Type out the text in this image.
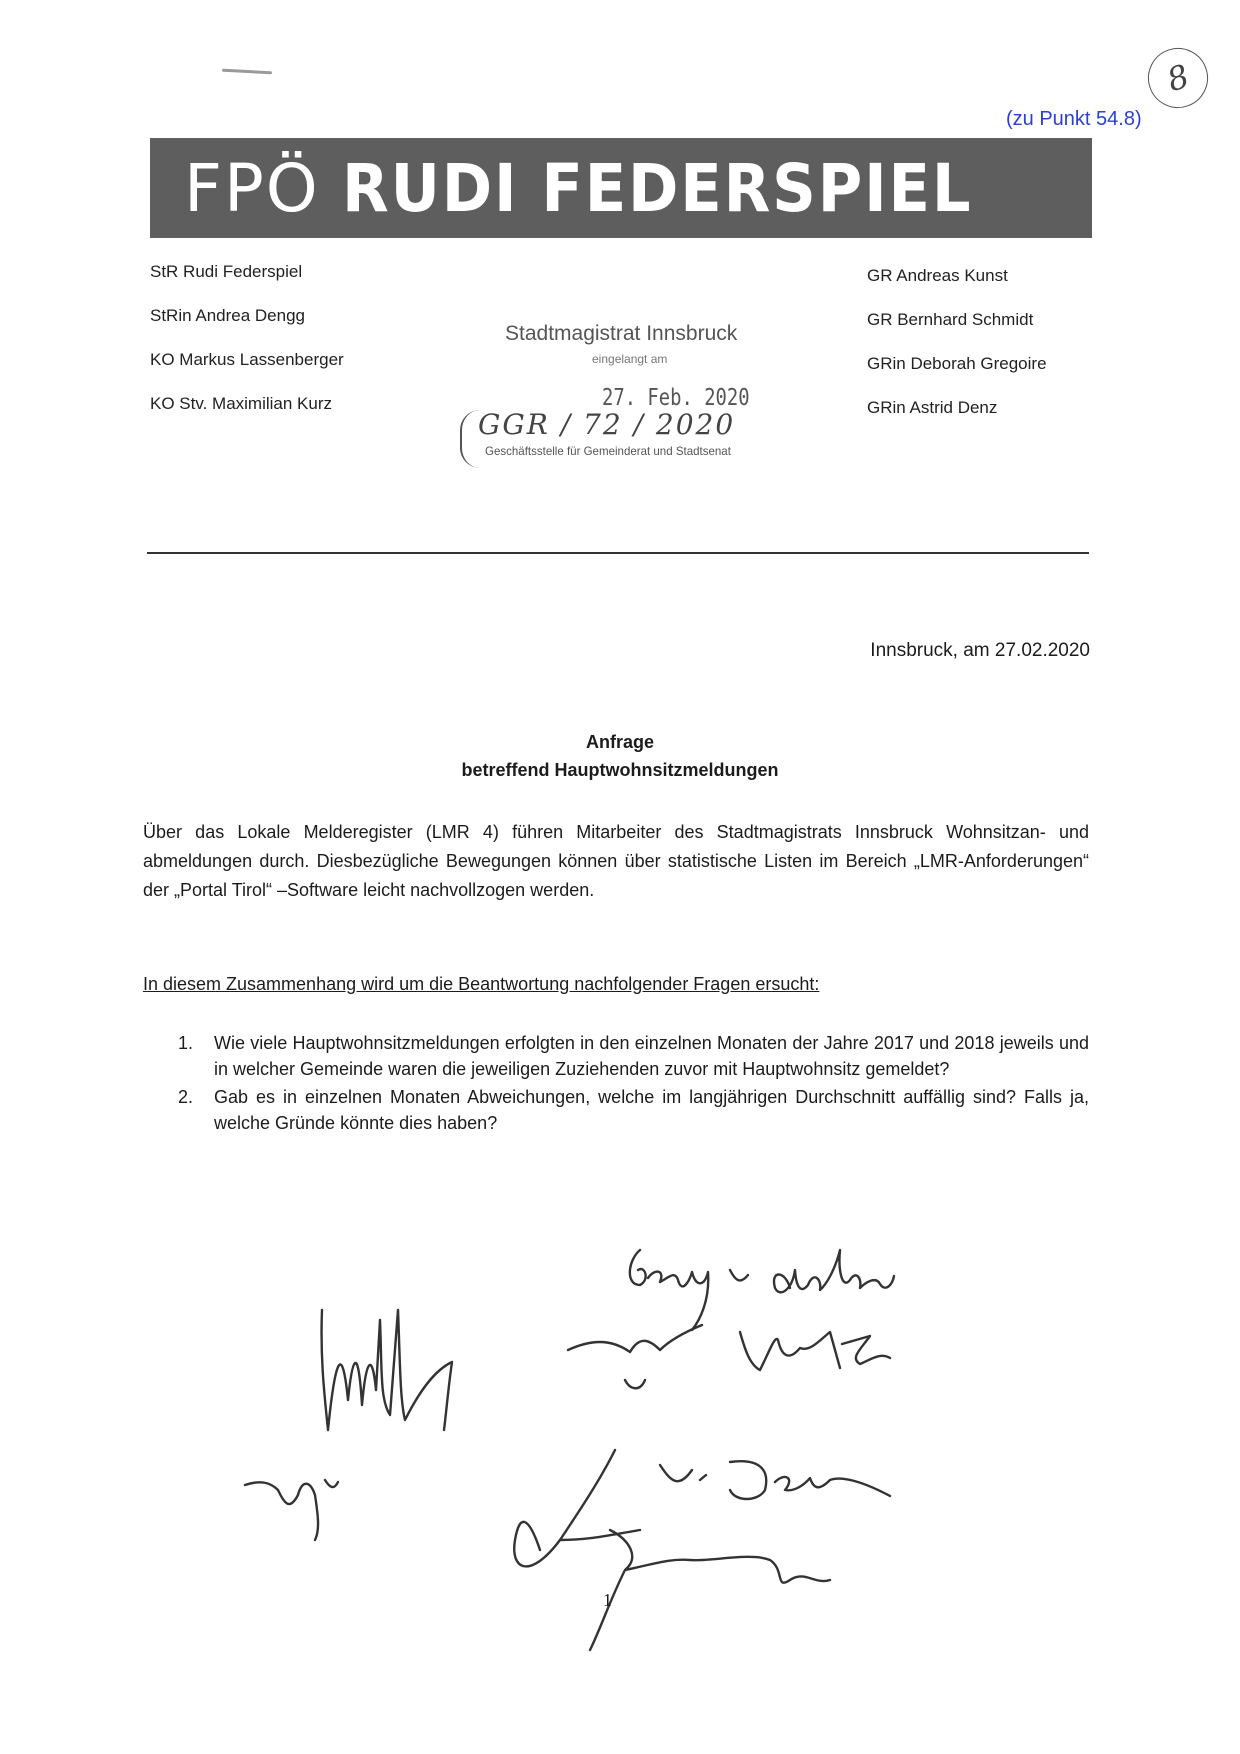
8
(zu Punkt 54.8)
FPÖ RUDI FEDERSPIEL
StR Rudi Federspiel
StRin Andrea Dengg
KO Markus Lassenberger
KO Stv. Maximilian Kurz
GR Andreas Kunst
GR Bernhard Schmidt
GRin Deborah Gregoire
GRin Astrid Denz
Stadtmagistrat Innsbruck
eingelangt am
27. Feb. 2020
GGR / 72 / 2020
Geschäftsstelle für Gemeinderat und Stadtsenat
Innsbruck, am 27.02.2020
Anfrage
betreffend Hauptwohnsitzmeldungen

Über das Lokale Melderegister (LMR 4) führen Mitarbeiter des Stadtmagistrats Innsbruck Wohnsitzan- und abmeldungen durch. Diesbezügliche Bewegungen können über statistische Listen im Bereich „LMR-Anforderungen“ der „Portal Tirol“ –Software leicht nachvollzogen werden.

In diesem Zusammenhang wird um die Beantwortung nachfolgender Fragen ersucht:
1.	Wie viele Hauptwohnsitzmeldungen erfolgten in den einzelnen Monaten der Jahre 2017 und 2018 jeweils und in welcher Gemeinde waren die jeweiligen Zuziehenden zuvor mit Hauptwohnsitz gemeldet?
2.	Gab es in einzelnen Monaten Abweichungen, welche im langjährigen Durchschnitt auffällig sind? Falls ja, welche Gründe könnte dies haben?
1
